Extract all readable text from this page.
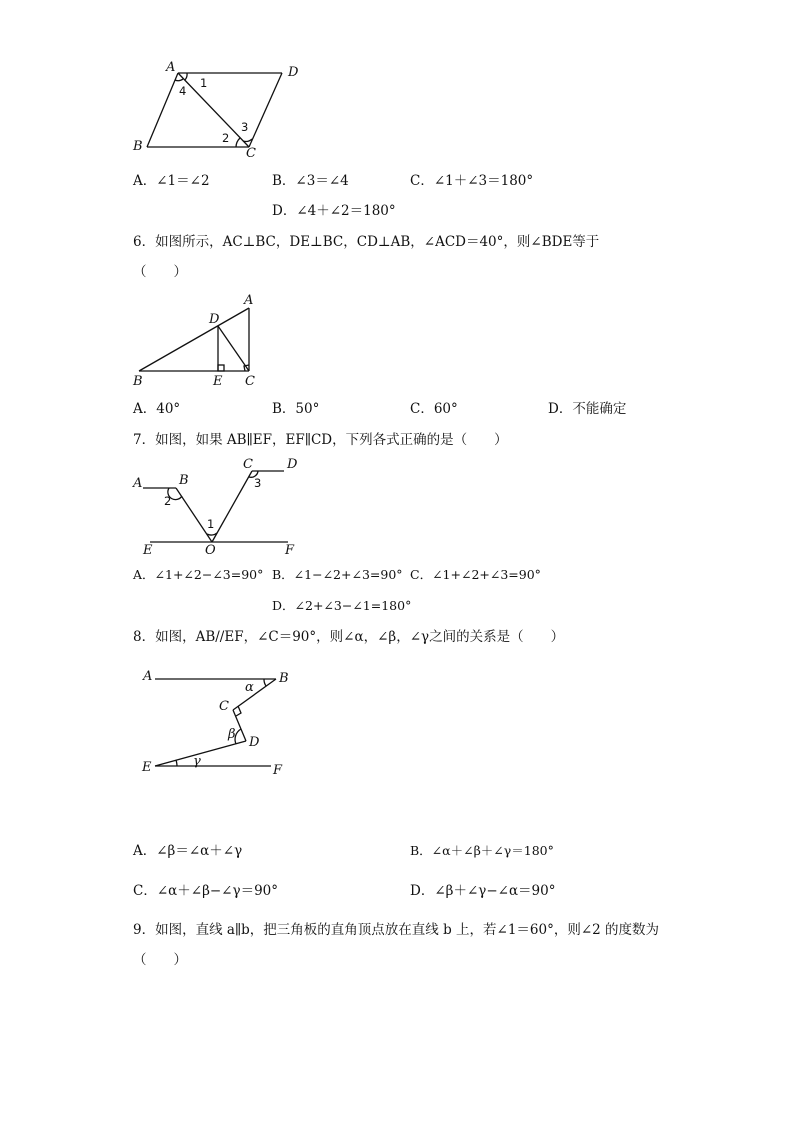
A	D
B	C
1
4
3
2
A．∠1＝∠2	B．∠3＝∠4	C．∠1＋∠3＝180°
D．∠4＋∠2＝180°
6．如图所示，AC⊥BC，DE⊥BC，CD⊥AB，∠ACD＝40°，则∠BDE等于
（　　）
A
D
B	E C
A．40°	B．50°	C．60°	D．不能确定
7．如图，如果 AB∥EF，EF∥CD，下列各式正确的是（　　）
A	B
2
C	D
3
1
E	O	F
A．∠1+∠2−∠3=90° B．∠1−∠2+∠3=90° C．∠1+∠2+∠3=90°
D．∠2+∠3−∠1=180°
8．如图，AB//EF，∠C＝90°，则∠α，∠β，∠γ之间的关系是（　　）
A	B
α
C
β
D
E	γ
F
A．∠β＝∠α＋∠γ	B．∠α＋∠β＋∠γ＝180°
C．∠α＋∠β−∠γ＝90°	D．∠β＋∠γ−∠α＝90°
9．如图，直线 a∥b，把三角板的直角顶点放在直线 b 上，若∠1＝60°，则∠2 的度数为
（　　）
